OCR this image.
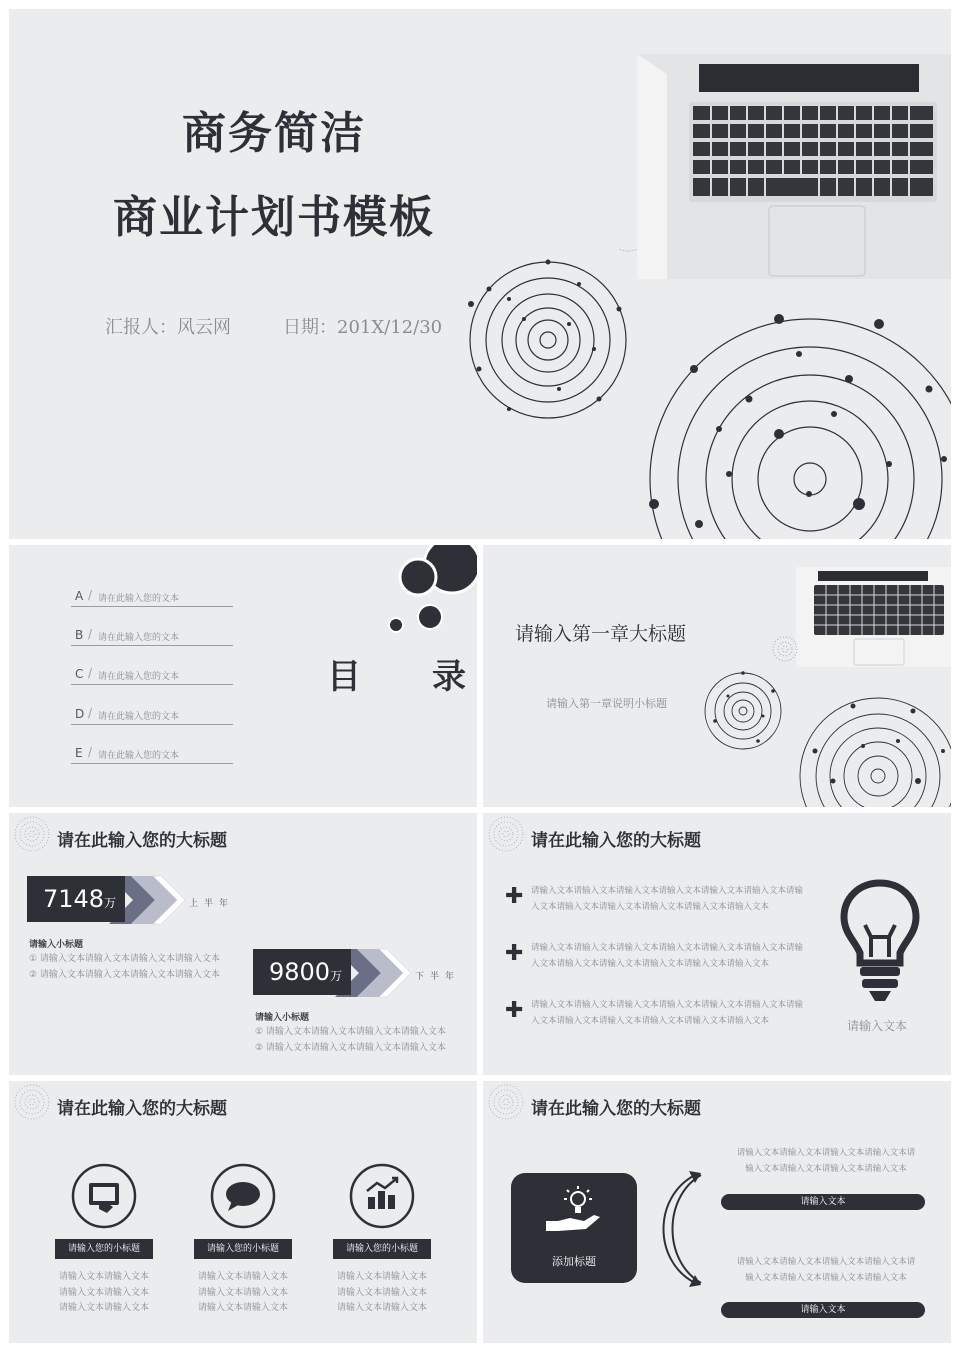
商务简洁
商业计划书模板
汇报人：风云网	日期：201X/12/30
A / 请在此输入您的文本
B / 请在此输入您的文本
C / 请在此输入您的文本
D / 请在此输入您的文本
E / 请在此输入您的文本
目      录
请输入第一章大标题
请输入第一章说明小标题
请在此输入您的大标题
7148万	上半年
请输入小标题
① 请输入文本请输入文本请输入文本请输入文本
② 请输入文本请输入文本请输入文本请输入文本	9800万	下半年
请输入小标题
① 请输入文本请输入文本请输入文本请输入文本
② 请输入文本请输入文本请输入文本请输入文本
请在此输入您的大标题
✚ 请输入文本请输入文本请输入文本请输入文本请输入文本请输入文本请输
入文本请输入文本请输入文本请输入文本请输入文本请输入文本
✚ 请输入文本请输入文本请输入文本请输入文本请输入文本请输入文本请输
入文本请输入文本请输入文本请输入文本请输入文本请输入文本
✚ 请输入文本请输入文本请输入文本请输入文本请输入文本请输入文本请输
入文本请输入文本请输入文本请输入文本请输入文本请输入文本	请输入文本
请在此输入您的大标题
请输入您的小标题
请输入文本请输入文本
请输入文本请输入文本
请输入文本请输入文本
请输入您的小标题
请输入文本请输入文本
请输入文本请输入文本
请输入文本请输入文本
请输入您的小标题
请输入文本请输入文本
请输入文本请输入文本
请输入文本请输入文本
请在此输入您的大标题
添加标题
请输入文本请输入文本请输入文本请输入文本请
输入文本请输入文本请输入文本请输入文本
请输入文本
请输入文本请输入文本请输入文本请输入文本请
输入文本请输入文本请输入文本请输入文本
请输入文本
